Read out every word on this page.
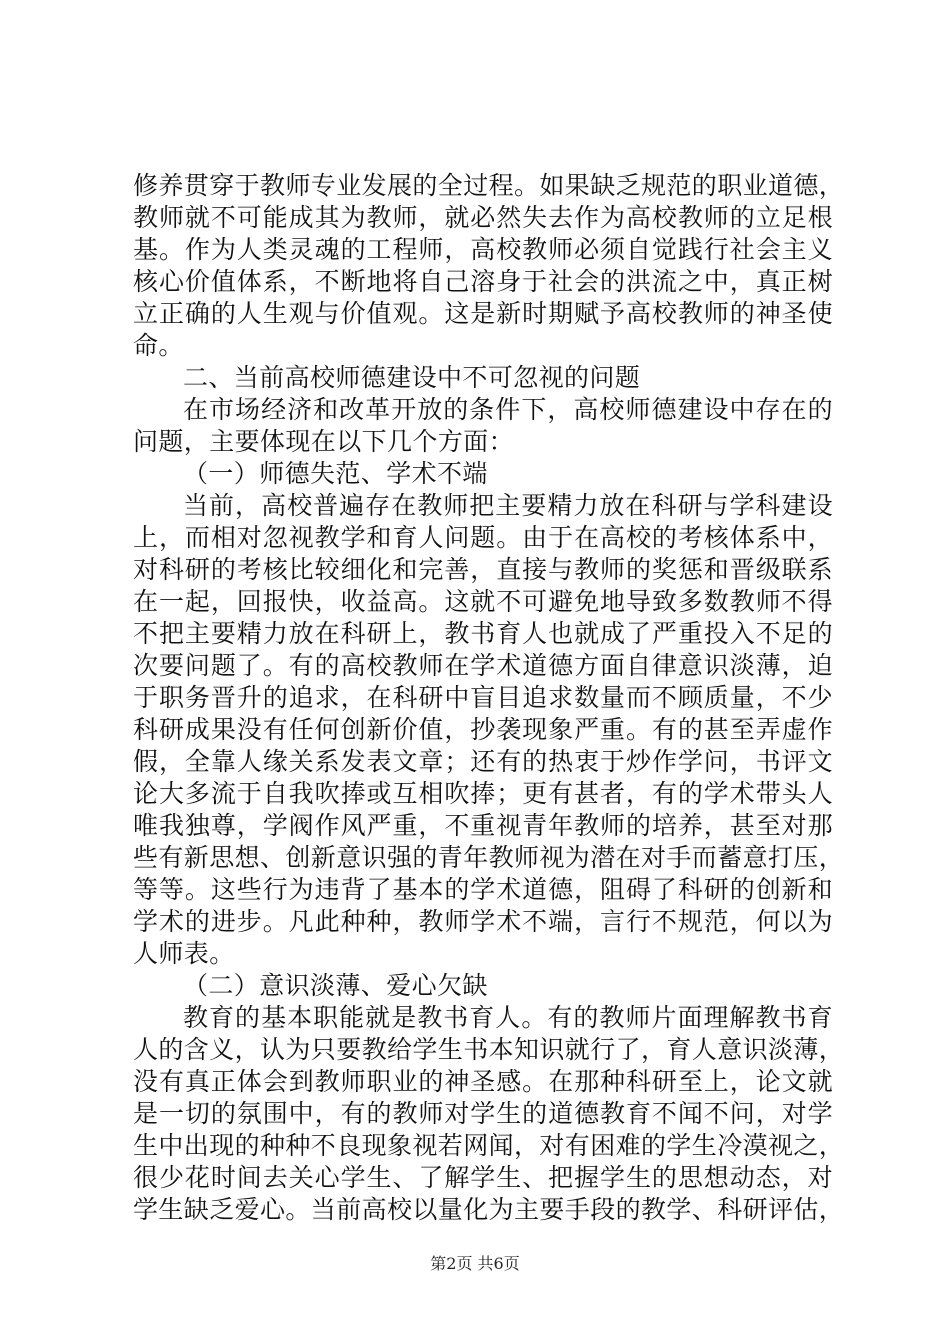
修养贯穿于教师专业发展的全过程。如果缺乏规范的职业道德，
教师就不可能成其为教师，就必然失去作为高校教师的立足根
基。作为人类灵魂的工程师，高校教师必须自觉践行社会主义
核心价值体系，不断地将自己溶身于社会的洪流之中，真正树
立正确的人生观与价值观。这是新时期赋予高校教师的神圣使
命。
二、当前高校师德建设中不可忽视的问题
在市场经济和改革开放的条件下，高校师德建设中存在的
问题，主要体现在以下几个方面：
（一）师德失范、学术不端
当前，高校普遍存在教师把主要精力放在科研与学科建设
上，而相对忽视教学和育人问题。由于在高校的考核体系中，
对科研的考核比较细化和完善，直接与教师的奖惩和晋级联系
在一起，回报快，收益高。这就不可避免地导致多数教师不得
不把主要精力放在科研上，教书育人也就成了严重投入不足的
次要问题了。有的高校教师在学术道德方面自律意识淡薄，迫
于职务晋升的追求，在科研中盲目追求数量而不顾质量，不少
科研成果没有任何创新价值，抄袭现象严重。有的甚至弄虚作
假，全靠人缘关系发表文章；还有的热衷于炒作学问，书评文
论大多流于自我吹捧或互相吹捧；更有甚者，有的学术带头人
唯我独尊，学阀作风严重，不重视青年教师的培养，甚至对那
些有新思想、创新意识强的青年教师视为潜在对手而蓄意打压，
等等。这些行为违背了基本的学术道德，阻碍了科研的创新和
学术的进步。凡此种种，教师学术不端，言行不规范，何以为
人师表。
（二）意识淡薄、爱心欠缺
教育的基本职能就是教书育人。有的教师片面理解教书育
人的含义，认为只要教给学生书本知识就行了，育人意识淡薄，
没有真正体会到教师职业的神圣感。在那种科研至上，论文就
是一切的氛围中，有的教师对学生的道德教育不闻不问，对学
生中出现的种种不良现象视若网闻，对有困难的学生冷漠视之，
很少花时间去关心学生、了解学生、把握学生的思想动态，对
学生缺乏爱心。当前高校以量化为主要手段的教学、科研评估，
第2页 共6页
